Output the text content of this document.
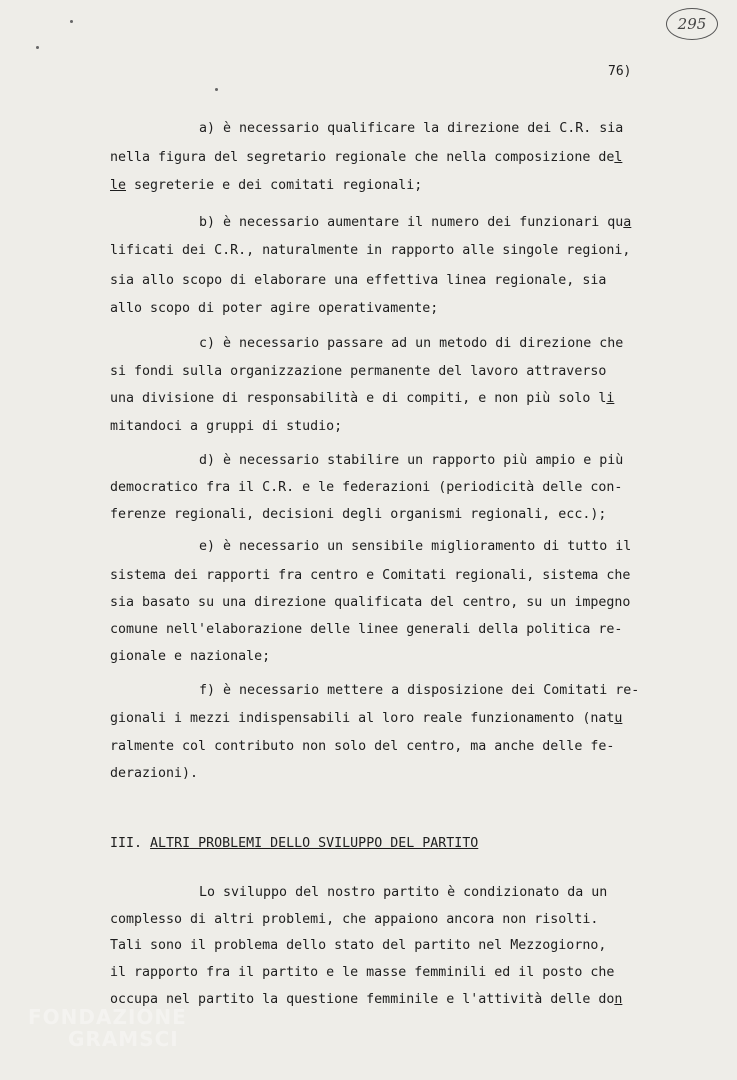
295
76)
a) è necessario qualificare la direzione dei C.R. sia
nella figura del segretario regionale che nella composizione del
le segreterie e dei comitati regionali;
b) è necessario aumentare il numero dei funzionari qua
lificati dei C.R., naturalmente in rapporto alle singole regioni,
sia allo scopo di elaborare una effettiva linea regionale, sia
allo scopo di poter agire operativamente;
c) è necessario passare ad un metodo di direzione che
si fondi sulla organizzazione permanente del lavoro attraverso
una divisione di responsabilità e di compiti, e non più solo li
mitandoci a gruppi di studio;
d) è necessario stabilire un rapporto più ampio e più
democratico fra il C.R. e le federazioni (periodicità delle con-
ferenze regionali, decisioni degli organismi regionali, ecc.);
e) è necessario un sensibile miglioramento di tutto il
sistema dei rapporti fra centro e Comitati regionali, sistema che
sia basato su una direzione qualificata del centro, su un impegno
comune nell'elaborazione delle linee generali della politica re-
gionale e nazionale;
f) è necessario mettere a disposizione dei Comitati re-
gionali i mezzi indispensabili al loro reale funzionamento (natu
ralmente col contributo non solo del centro, ma anche delle fe-
derazioni).
III. ALTRI PROBLEMI DELLO SVILUPPO DEL PARTITO
Lo sviluppo del nostro partito è condizionato da un
complesso di altri problemi, che appaiono ancora non risolti.
Tali sono il problema dello stato del partito nel Mezzogiorno,
il rapporto fra il partito e le masse femminili ed il posto che
occupa nel partito la questione femminile e l'attività delle don
FONDAZIONE
GRAMSCI
